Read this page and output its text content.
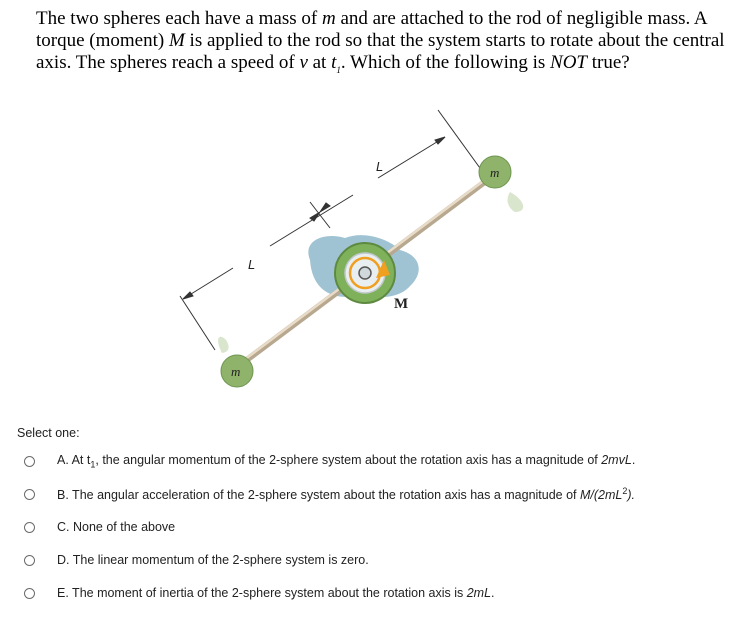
The two spheres each have a mass of m and are attached to the rod of negligible mass. A torque (moment) M is applied to the rod so that the system starts to rotate about the central axis. The spheres reach a speed of v at $t_1$. Which of the following is NOT true?
L
L
M
m
m
Select one:
A. At $t_1$, the angular momentum of the 2-sphere system about the rotation axis has a magnitude of 2mvL.
B. The angular acceleration of the 2-sphere system about the rotation axis has a magnitude of $M/(2mL^2)$.
C. None of the above
D. The linear momentum of the 2-sphere system is zero.
E. The moment of inertia of the 2-sphere system about the rotation axis is 2mL.
